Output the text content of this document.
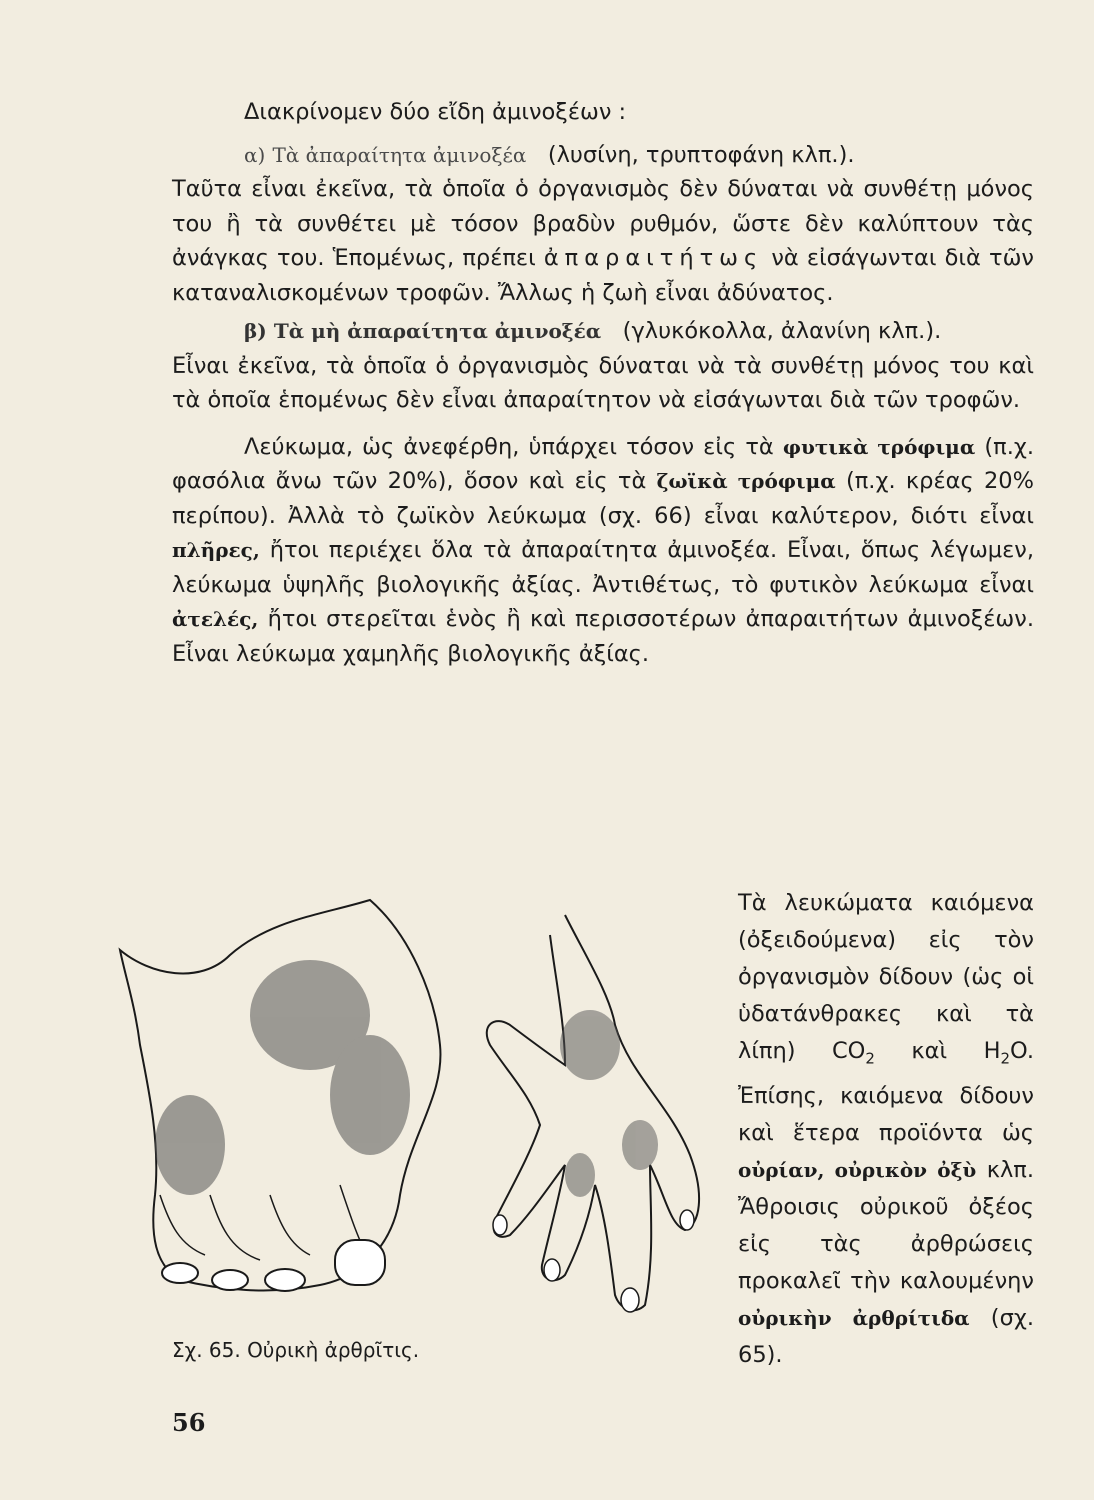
Διακρίνομεν δύο εἴδη ἀμινοξέων :

α) Τὰ ἀπαραίτητα ἀμινοξέα (λυσίνη, τρυπτοφάνη κλπ.).

Ταῦτα εἶναι ἐκεῖνα, τὰ ὁποῖα ὁ ὀργανισμὸς δὲν δύναται νὰ συνθέτῃ μόνος του ἢ τὰ συνθέτει μὲ τόσον βραδὺν ρυθμόν, ὥστε δὲν καλύπτουν τὰς ἀνάγκας του. Ἑπομένως, πρέπει ἀπαραιτήτως νὰ εἰσάγωνται διὰ τῶν καταναλισκομένων τροφῶν. Ἄλλως ἡ ζωὴ εἶναι ἀδύνατος.

β) Τὰ μὴ ἀπαραίτητα ἀμινοξέα (γλυκόκολλα, ἀλανίνη κλπ.).

Εἶναι ἐκεῖνα, τὰ ὁποῖα ὁ ὀργανισμὸς δύναται νὰ τὰ συνθέτῃ μόνος του καὶ τὰ ὁποῖα ἑπομένως δὲν εἶναι ἀπαραίτητον νὰ εἰσάγωνται διὰ τῶν τροφῶν.

Λεύκωμα, ὡς ἀνεφέρθη, ὑπάρχει τόσον εἰς τὰ φυτικὰ τρόφιμα (π.χ. φασόλια ἄνω τῶν 20%), ὅσον καὶ εἰς τὰ ζωϊκὰ τρόφιμα (π.χ. κρέας 20% περίπου). Ἀλλὰ τὸ ζωϊκὸν λεύκωμα (σχ. 66) εἶναι καλύτερον, διότι εἶναι πλῆρες, ἤτοι περιέχει ὅλα τὰ ἀπαραίτητα ἀμινοξέα. Εἶναι, ὅπως λέγωμεν, λεύκωμα ὑψηλῆς βιολογικῆς ἀξίας. Ἀντιθέτως, τὸ φυτικὸν λεύκωμα εἶναι ἀτελές, ἤτοι στερεῖται ἑνὸς ἢ καὶ περισσοτέρων ἀπαραιτήτων ἀμινοξέων. Εἶναι λεύκωμα χαμηλῆς βιολογικῆς ἀξίας.

Τὰ λευκώματα καιόμενα (ὀξειδούμενα) εἰς τὸν ὀργανισμὸν δίδουν (ὡς οἱ ὑδατάνθρακες καὶ τὰ λίπη) $CO_2$ καὶ $H_2O$. Ἐπίσης, καιόμενα δίδουν καὶ ἕτερα προϊόντα ὡς οὐρίαν, οὐρικὸν ὀξὺ κλπ. Ἄθροισις οὐρικοῦ ὀξέος εἰς τὰς ἀρθρώσεις προκαλεῖ τὴν καλουμένην οὐρικὴν ἀρθρίτιδα (σχ. 65).
Σχ. 65. Οὐρικὴ ἀρθρῖτις.
56
